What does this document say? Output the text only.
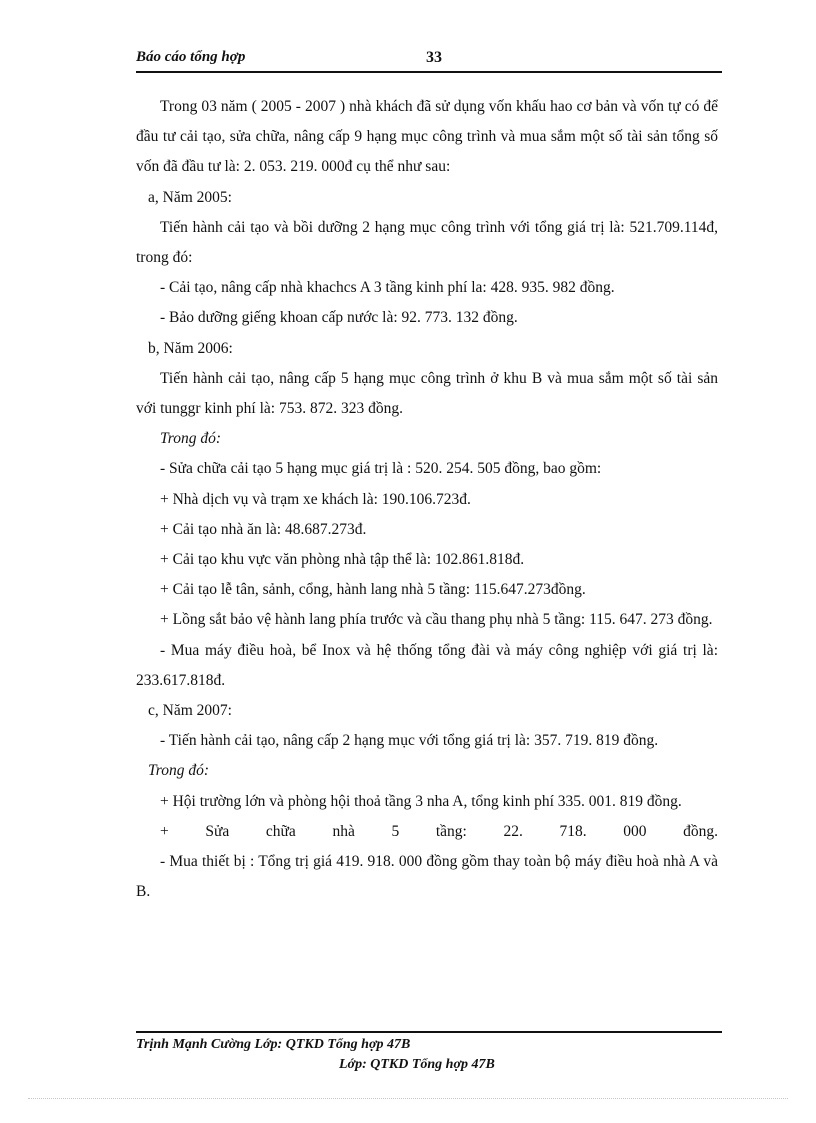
Báo cáo tổng hợp	33

Trong 03 năm ( 2005 - 2007 ) nhà khách đã sử dụng vốn khấu hao cơ bản và vốn tự có để đầu tư cải tạo, sửa chữa, nâng cấp 9 hạng mục công trình và mua sắm một số tài sản tổng số vốn đã đầu tư là: 2. 053. 219. 000đ cụ thể như sau:

a, Năm 2005:

Tiến hành cải tạo và bồi dưỡng 2 hạng mục công trình với tổng giá trị là: 521.709.114đ, trong đó:

- Cải tạo, nâng cấp nhà khachcs A 3 tầng kinh phí la: 428. 935. 982 đồng.

- Bảo dưỡng giếng khoan cấp nước là: 92. 773. 132 đồng.

b, Năm 2006:

Tiến hành cải tạo, nâng cấp 5 hạng mục công trình ở khu B và mua sắm một số tài sản với tunggr kinh phí là: 753. 872. 323 đồng.

Trong đó:

- Sửa chữa cải tạo 5 hạng mục giá trị là : 520. 254. 505 đồng, bao gồm:

+ Nhà dịch vụ và trạm xe khách là: 190.106.723đ.

+ Cải tạo nhà ăn là: 48.687.273đ.

+ Cải tạo khu vực văn phòng nhà tập thể là: 102.861.818đ.

+ Cải tạo lễ tân, sảnh, cổng, hành lang nhà 5 tầng: 115.647.273đồng.

+ Lồng sắt bảo vệ hành lang phía trước và cầu thang phụ nhà 5 tầng: 115. 647. 273 đồng.

- Mua máy điều hoà, bể Inox và hệ thống tổng đài và máy công nghiệp với giá trị là: 233.617.818đ.

c, Năm 2007:

- Tiến hành cải tạo, nâng cấp 2 hạng mục với tổng giá trị là: 357. 719. 819 đồng.

Trong đó:

+ Hội trường lớn và phòng hội thoả tầng 3 nha A, tổng kinh phí 335. 001. 819 đồng.

+ Sửa chữa nhà 5 tầng: 22. 718. 000 đồng.

- Mua thiết bị : Tổng trị giá 419. 918. 000 đồng gồm thay toàn bộ máy điều hoà nhà A và B.

Trịnh Mạnh Cường Lớp: QTKD Tổng hợp 47B
Lớp: QTKD Tổng hợp 47B
